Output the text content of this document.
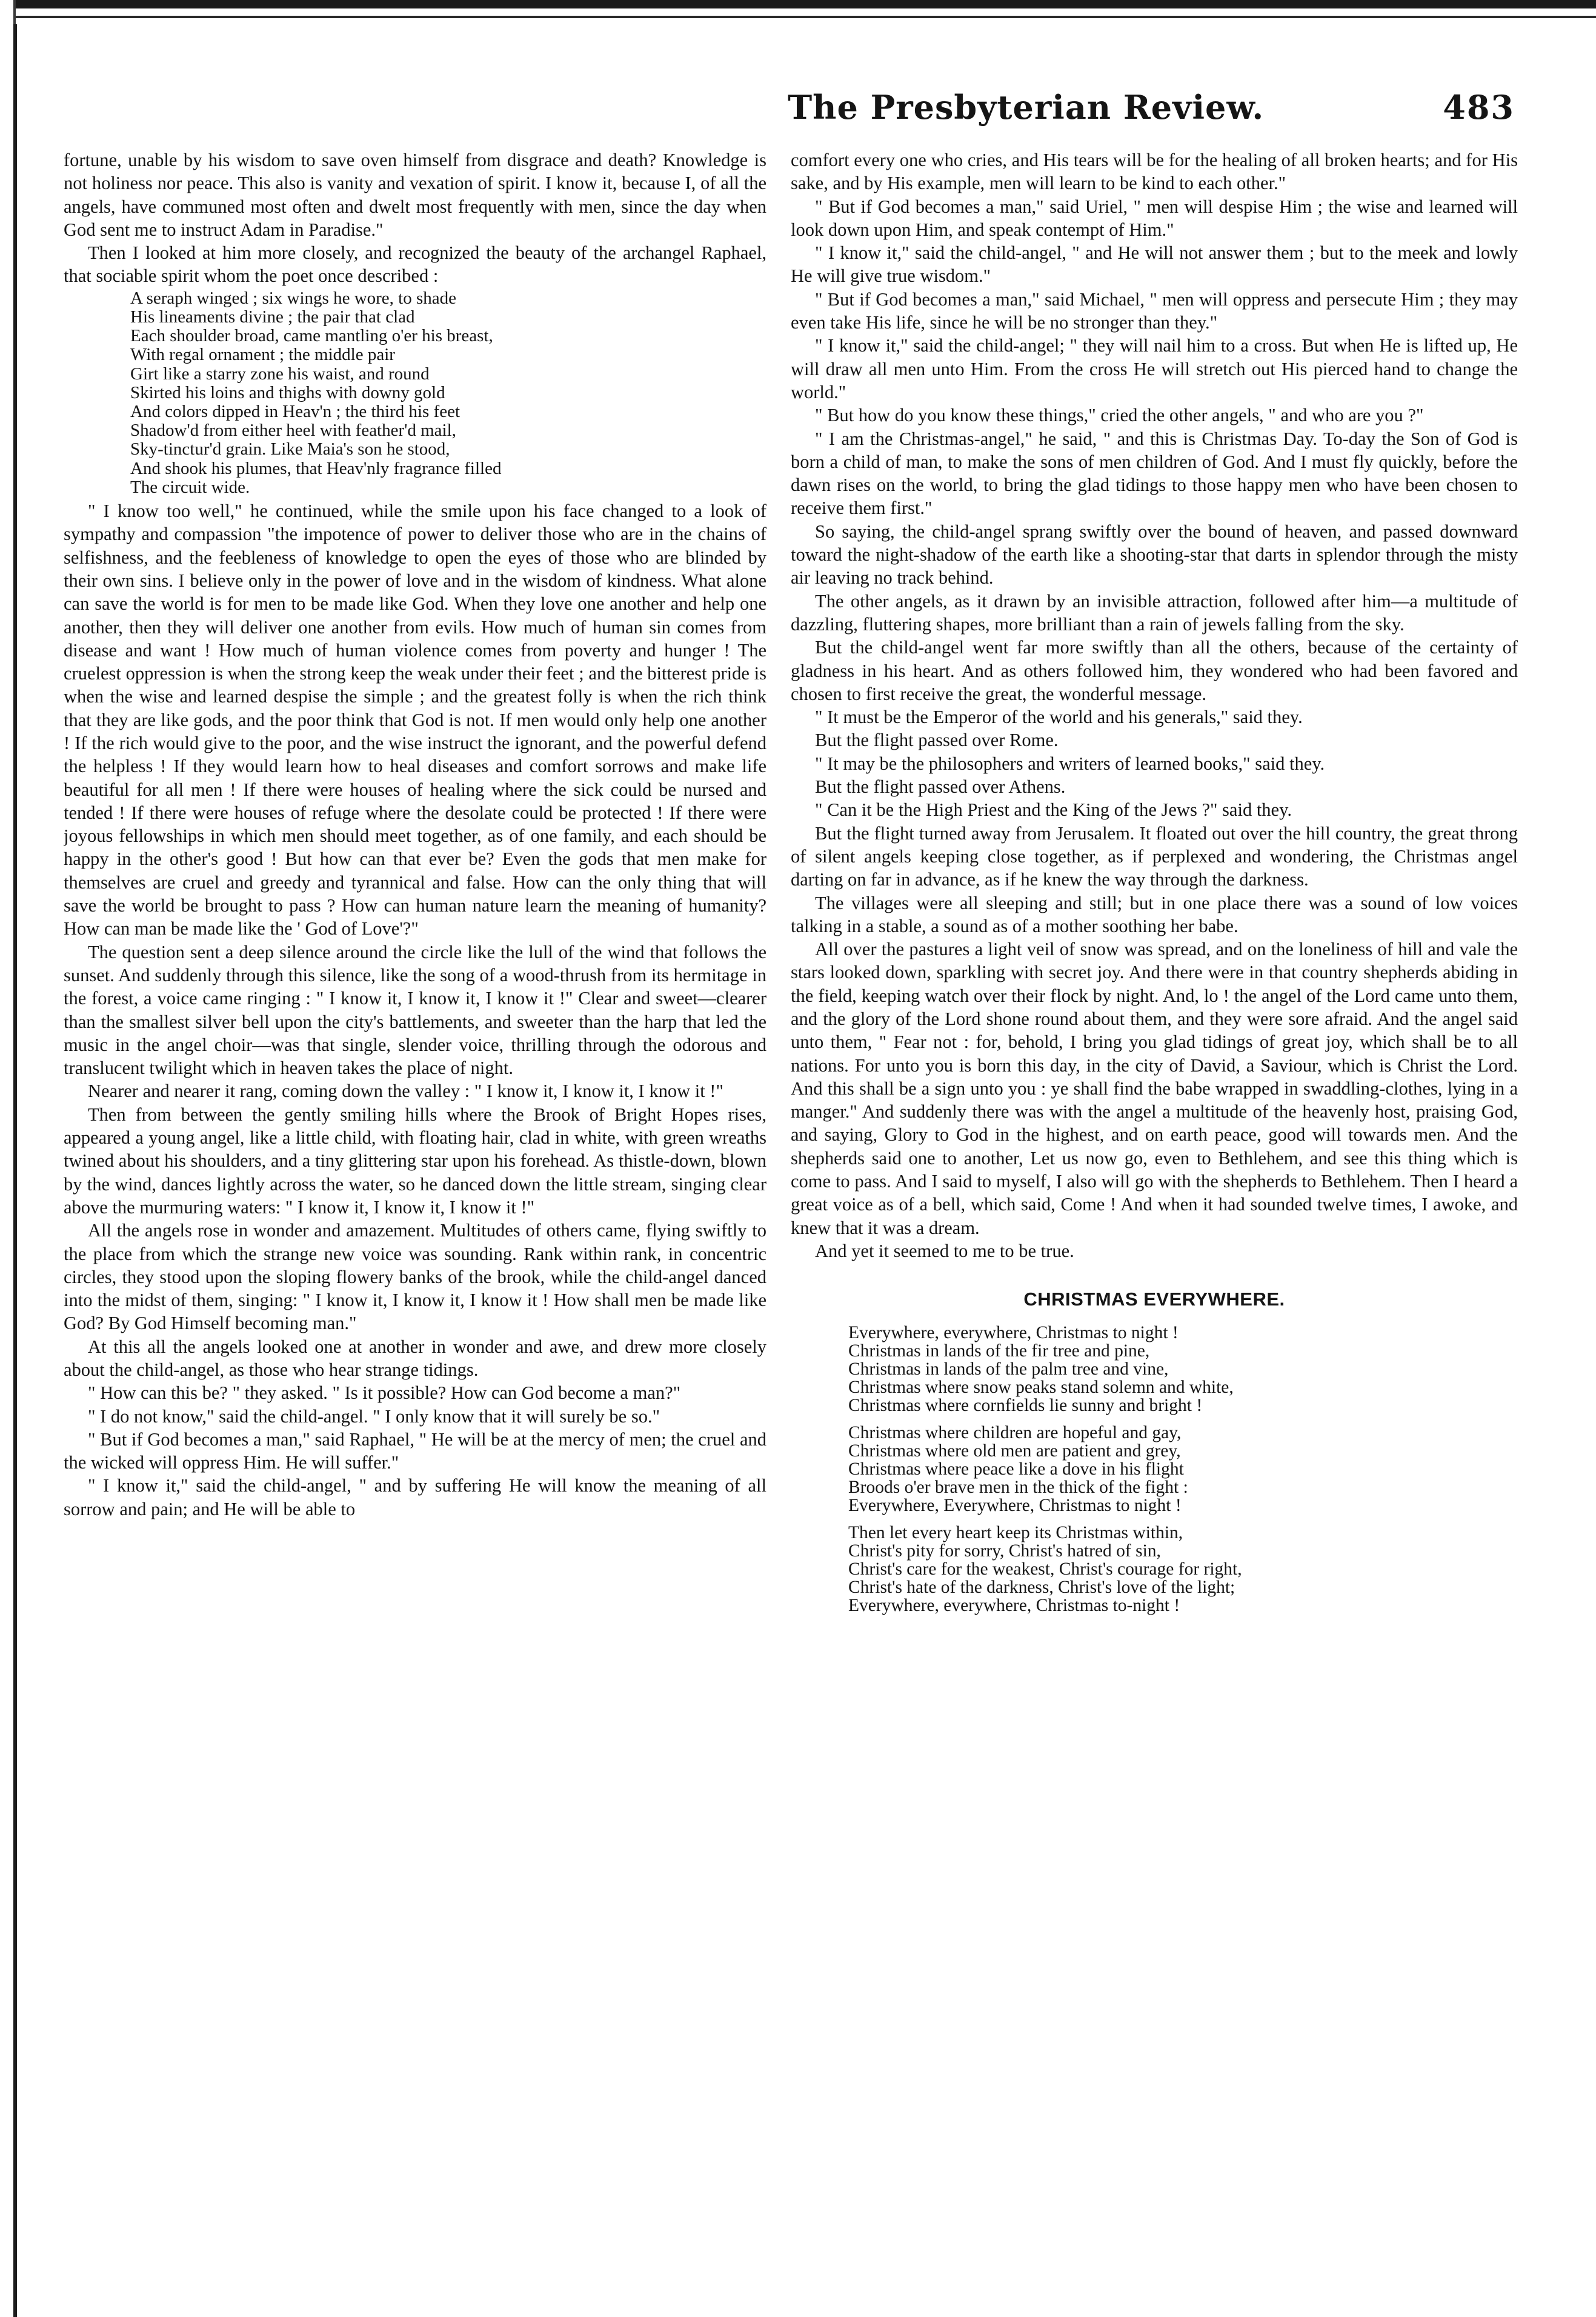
The Presbyterian Review.	483

fortune, unable by his wisdom to save oven himself from disgrace and death? Knowledge is not holiness nor peace. This also is vanity and vexation of spirit. I know it, because I, of all the angels, have communed most often and dwelt most frequently with men, since the day when God sent me to instruct Adam in Paradise."

Then I looked at him more closely, and recognized the beauty of the archangel Raphael, that sociable spirit whom the poet once described :

A seraph winged ; six wings he wore, to shade
His lineaments divine ; the pair that clad
Each shoulder broad, came mantling o'er his breast,
With regal ornament ; the middle pair
Girt like a starry zone his waist, and round
Skirted his loins and thighs with downy gold
And colors dipped in Heav'n ; the third his feet
Shadow'd from either heel with feather'd mail,
Sky-tinctur'd grain. Like Maia's son he stood,
And shook his plumes, that Heav'nly fragrance filled
The circuit wide.

" I know too well," he continued, while the smile upon his face changed to a look of sympathy and compassion "the impotence of power to deliver those who are in the chains of selfishness, and the feebleness of knowledge to open the eyes of those who are blinded by their own sins. I believe only in the power of love and in the wisdom of kindness. What alone can save the world is for men to be made like God. When they love one another and help one another, then they will deliver one another from evils. How much of human sin comes from disease and want ! How much of human violence comes from poverty and hunger ! The cruelest oppression is when the strong keep the weak under their feet ; and the bitterest pride is when the wise and learned despise the simple ; and the greatest folly is when the rich think that they are like gods, and the poor think that God is not. If men would only help one another ! If the rich would give to the poor, and the wise instruct the ignorant, and the powerful defend the helpless ! If they would learn how to heal diseases and comfort sorrows and make life beautiful for all men ! If there were houses of healing where the sick could be nursed and tended ! If there were houses of refuge where the desolate could be protected ! If there were joyous fellowships in which men should meet together, as of one family, and each should be happy in the other's good ! But how can that ever be? Even the gods that men make for themselves are cruel and greedy and tyrannical and false. How can the only thing that will save the world be brought to pass ? How can human nature learn the meaning of humanity? How can man be made like the ' God of Love'?"

The question sent a deep silence around the circle like the lull of the wind that follows the sunset. And suddenly through this silence, like the song of a wood-thrush from its hermitage in the forest, a voice came ringing : " I know it, I know it, I know it !" Clear and sweet—clearer than the smallest silver bell upon the city's battlements, and sweeter than the harp that led the music in the angel choir—was that single, slender voice, thrilling through the odorous and translucent twilight which in heaven takes the place of night.

Nearer and nearer it rang, coming down the valley : " I know it, I know it, I know it !"

Then from between the gently smiling hills where the Brook of Bright Hopes rises, appeared a young angel, like a little child, with floating hair, clad in white, with green wreaths twined about his shoulders, and a tiny glittering star upon his forehead. As thistle-down, blown by the wind, dances lightly across the water, so he danced down the little stream, singing clear above the murmuring waters: " I know it, I know it, I know it !"

All the angels rose in wonder and amazement. Multitudes of others came, flying swiftly to the place from which the strange new voice was sounding. Rank within rank, in concentric circles, they stood upon the sloping flowery banks of the brook, while the child-angel danced into the midst of them, singing: " I know it, I know it, I know it ! How shall men be made like God? By God Himself becoming man."

At this all the angels looked one at another in wonder and awe, and drew more closely about the child-angel, as those who hear strange tidings.

" How can this be? " they asked. " Is it possible? How can God become a man?"

" I do not know," said the child-angel. " I only know that it will surely be so."

" But if God becomes a man," said Raphael, " He will be at the mercy of men; the cruel and the wicked will oppress Him. He will suffer."

" I know it," said the child-angel, " and by suffering He will know the meaning of all sorrow and pain; and He will be able to

comfort every one who cries, and His tears will be for the healing of all broken hearts; and for His sake, and by His example, men will learn to be kind to each other."

" But if God becomes a man," said Uriel, " men will despise Him ; the wise and learned will look down upon Him, and speak contempt of Him."

" I know it," said the child-angel, " and He will not answer them ; but to the meek and lowly He will give true wisdom."

" But if God becomes a man," said Michael, " men will oppress and persecute Him ; they may even take His life, since he will be no stronger than they."

" I know it," said the child-angel; " they will nail him to a cross. But when He is lifted up, He will draw all men unto Him. From the cross He will stretch out His pierced hand to change the world."

" But how do you know these things," cried the other angels, " and who are you ?"

" I am the Christmas-angel," he said, " and this is Christmas Day. To-day the Son of God is born a child of man, to make the sons of men children of God. And I must fly quickly, before the dawn rises on the world, to bring the glad tidings to those happy men who have been chosen to receive them first."

So saying, the child-angel sprang swiftly over the bound of heaven, and passed downward toward the night-shadow of the earth like a shooting-star that darts in splendor through the misty air leaving no track behind.

The other angels, as it drawn by an invisible attraction, followed after him—a multitude of dazzling, fluttering shapes, more brilliant than a rain of jewels falling from the sky.

But the child-angel went far more swiftly than all the others, because of the certainty of gladness in his heart. And as others followed him, they wondered who had been favored and chosen to first receive the great, the wonderful message.

" It must be the Emperor of the world and his generals," said they.

But the flight passed over Rome.

" It may be the philosophers and writers of learned books," said they.

But the flight passed over Athens.

" Can it be the High Priest and the King of the Jews ?" said they.

But the flight turned away from Jerusalem. It floated out over the hill country, the great throng of silent angels keeping close together, as if perplexed and wondering, the Christmas angel darting on far in advance, as if he knew the way through the darkness.

The villages were all sleeping and still; but in one place there was a sound of low voices talking in a stable, a sound as of a mother soothing her babe.

All over the pastures a light veil of snow was spread, and on the loneliness of hill and vale the stars looked down, sparkling with secret joy. And there were in that country shepherds abiding in the field, keeping watch over their flock by night. And, lo ! the angel of the Lord came unto them, and the glory of the Lord shone round about them, and they were sore afraid. And the angel said unto them, " Fear not : for, behold, I bring you glad tidings of great joy, which shall be to all nations. For unto you is born this day, in the city of David, a Saviour, which is Christ the Lord. And this shall be a sign unto you : ye shall find the babe wrapped in swaddling-clothes, lying in a manger." And suddenly there was with the angel a multitude of the heavenly host, praising God, and saying, Glory to God in the highest, and on earth peace, good will towards men. And the shepherds said one to another, Let us now go, even to Bethlehem, and see this thing which is come to pass. And I said to myself, I also will go with the shepherds to Bethlehem. Then I heard a great voice as of a bell, which said, Come ! And when it had sounded twelve times, I awoke, and knew that it was a dream.

And yet it seemed to me to be true.

CHRISTMAS EVERYWHERE.
Everywhere, everywhere, Christmas to night !
Christmas in lands of the fir tree and pine,
Christmas in lands of the palm tree and vine,
Christmas where snow peaks stand solemn and white,
Christmas where cornfields lie sunny and bright !
Christmas where children are hopeful and gay,
Christmas where old men are patient and grey,
Christmas where peace like a dove in his flight
Broods o'er brave men in the thick of the fight :
Everywhere, Everywhere, Christmas to night !
Then let every heart keep its Christmas within,
Christ's pity for sorry, Christ's hatred of sin,
Christ's care for the weakest, Christ's courage for right,
Christ's hate of the darkness, Christ's love of the light;
Everywhere, everywhere, Christmas to-night !
